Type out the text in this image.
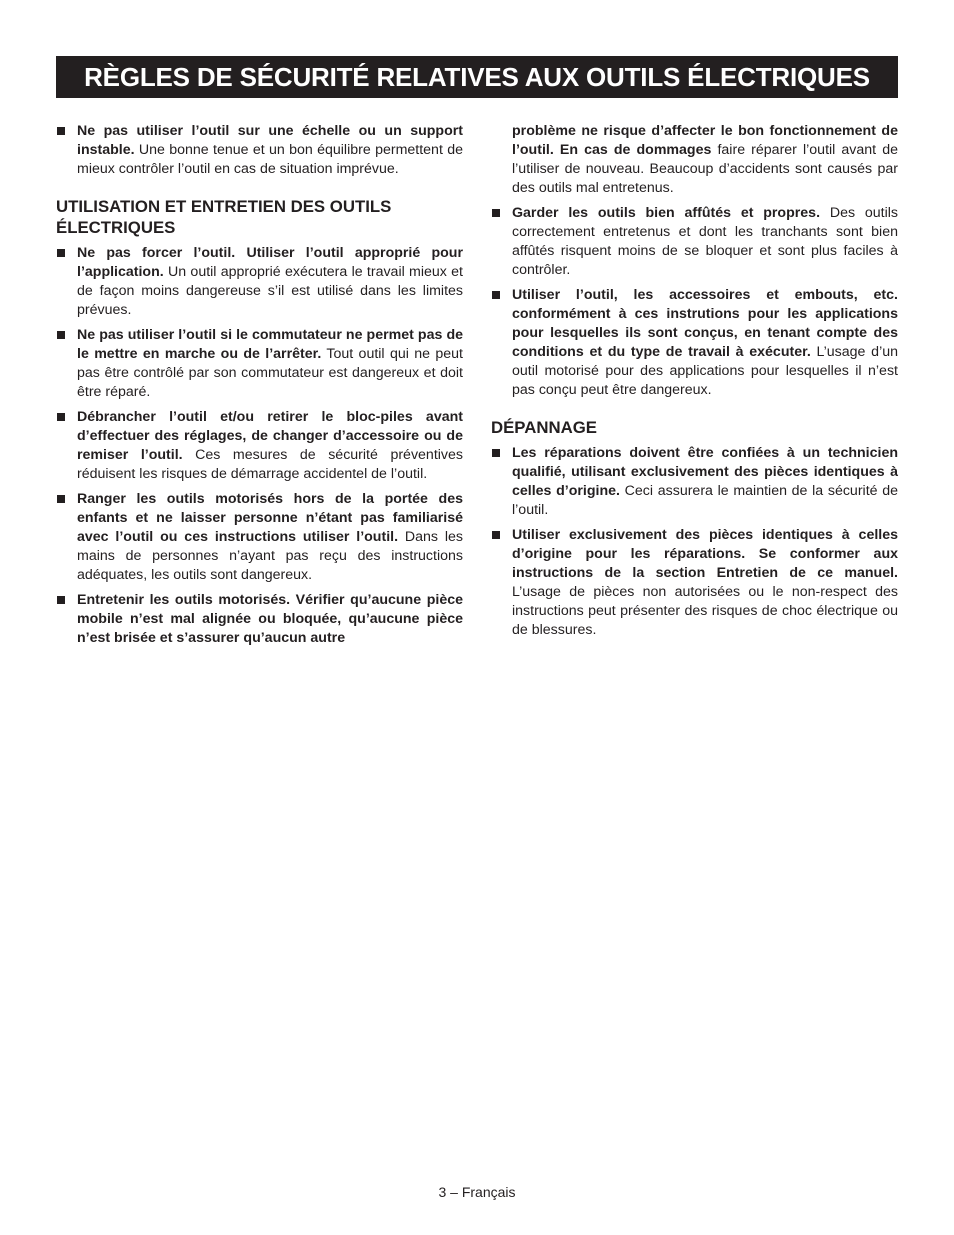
RÈGLES DE SÉCURITÉ RELATIVES AUX OUTILS ÉLECTRIQUES
Ne pas utiliser l’outil sur une échelle ou un support instable. Une bonne tenue et un bon équilibre permettent de mieux contrôler l’outil en cas de situation imprévue.
UTILISATION ET ENTRETIEN DES OUTILS ÉLECTRIQUES
Ne pas forcer l’outil. Utiliser l’outil approprié pour l’application. Un outil approprié exécutera le travail mieux et de façon moins dangereuse s’il est utilisé dans les limites prévues.
Ne pas utiliser l’outil si le commutateur ne permet pas de le mettre en marche ou de l’arrêter. Tout outil qui ne peut pas être contrôlé par son commutateur est dangereux et doit être réparé.
Débrancher l’outil et/ou retirer le bloc-piles avant d’effectuer des réglages, de changer d’accessoire ou de remiser l’outil. Ces mesures de sécurité préventives réduisent les risques de démarrage accidentel de l’outil.
Ranger les outils motorisés hors de la portée des enfants et ne laisser personne n’étant pas familiarisé avec l’outil ou ces instructions utiliser l’outil. Dans les mains de personnes n’ayant pas reçu des instructions adéquates, les outils sont dangereux.
Entretenir les outils motorisés. Vérifier qu’aucune pièce mobile n’est mal alignée ou bloquée, qu’aucune pièce n’est brisée et s’assurer qu’aucun autre
problème ne risque d’affecter le bon fonctionnement de l’outil. En cas de dommages faire réparer l’outil avant de l’utiliser de nouveau. Beaucoup d’accidents sont causés par des outils mal entretenus.
Garder les outils bien affûtés et propres. Des outils correctement entretenus et dont les tranchants sont bien affûtés risquent moins de se bloquer et sont plus faciles à contrôler.
Utiliser l’outil, les accessoires et embouts, etc. conformément à ces instrutions pour les applications pour lesquelles ils sont conçus, en tenant compte des conditions et du type de travail à exécuter. L’usage d’un outil motorisé pour des applications pour lesquelles il n’est pas conçu peut être dangereux.
DÉPANNAGE
Les réparations doivent être confiées à un technicien qualifié, utilisant exclusivement des pièces identiques à celles d’origine. Ceci assurera le maintien de la sécurité de l’outil.
Utiliser exclusivement des pièces identiques à celles d’origine pour les réparations. Se conformer aux instructions de la section Entretien de ce manuel. L’usage de pièces non autorisées ou le non-respect des instructions peut présenter des risques de choc électrique ou de blessures.
3 – Français
